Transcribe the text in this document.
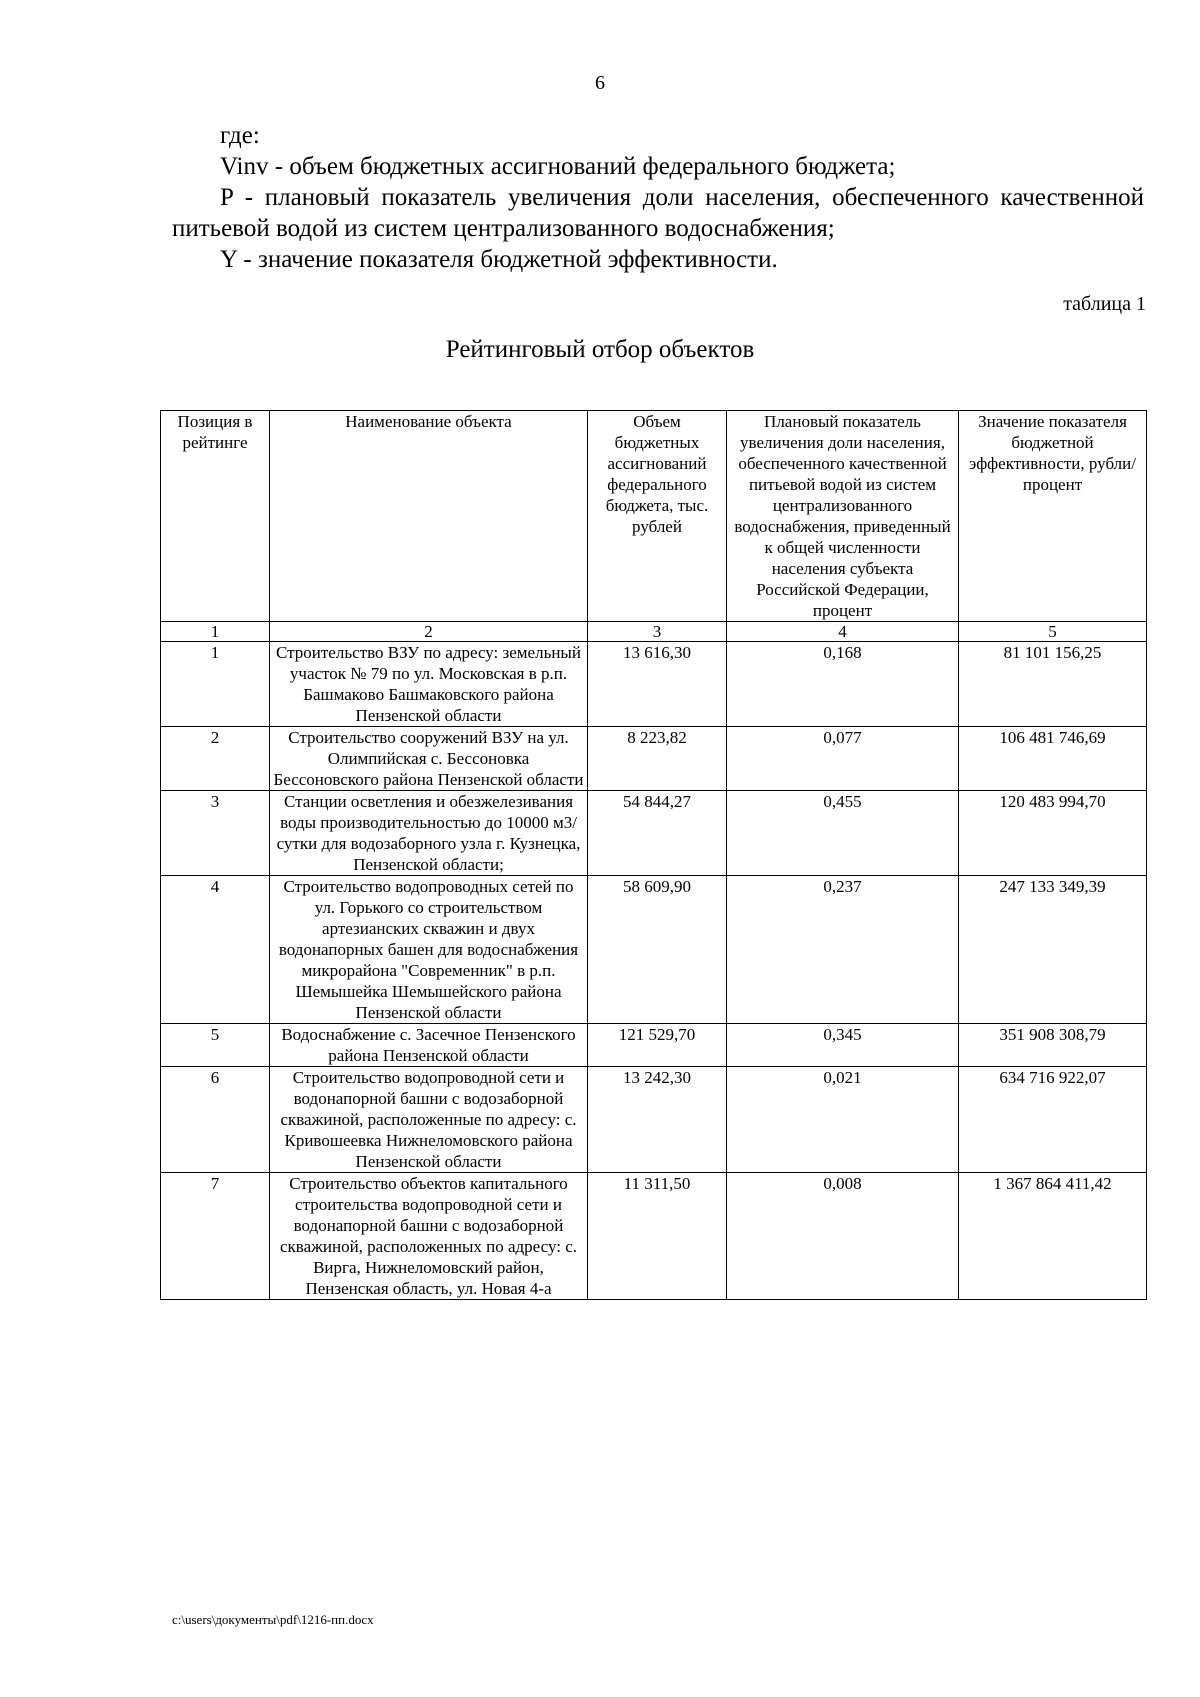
6

где:

Vinv - объем бюджетных ассигнований федерального бюджета;

P - плановый показатель увеличения доли населения, обеспеченного качественной питьевой водой из систем централизованного водоснабжения;

Y - значение показателя бюджетной эффективности.

таблица 1
Рейтинговый отбор объектов
Позиция в рейтинге	Наименование объекта	Объем бюджетных ассигнований федерального бюджета, тыс. рублей	Плановый показатель увеличения доли населения, обеспеченного качественной питьевой водой из систем централизованного водоснабжения, приведенный к общей численности населения субъекта Российской Федерации, процент	Значение показателя бюджетной эффективности, рубли/процент
1	2	3	4	5
1	Строительство ВЗУ по адресу: земельный участок № 79 по ул. Московская в р.п. Башмаково Башмаковского района Пензенской области	13 616,30	0,168	81 101 156,25
2	Строительство сооружений ВЗУ на ул. Олимпийская с. Бессоновка Бессоновского района Пензенской области	8 223,82	0,077	106 481 746,69
3	Станции осветления и обезжелезивания воды производительностью до 10000 м3/сутки для водозаборного узла г. Кузнецка, Пензенской области;	54 844,27	0,455	120 483 994,70
4	Строительство водопроводных сетей по ул. Горького со строительством артезианских скважин и двух водонапорных башен для водоснабжения микрорайона "Современник" в р.п. Шемышейка Шемышейского района Пензенской области	58 609,90	0,237	247 133 349,39
5	Водоснабжение с. Засечное Пензенского района Пензенской области	121 529,70	0,345	351 908 308,79
6	Строительство водопроводной сети и водонапорной башни с водозаборной скважиной, расположенные по адресу: с. Кривошеевка Нижнеломовского района Пензенской области	13 242,30	0,021	634 716 922,07
7	Строительство объектов капитального строительства водопроводной сети и водонапорной башни с водозаборной скважиной, расположенных по адресу: с. Вирга, Нижнеломовский район, Пензенская область, ул. Новая 4-а	11 311,50	0,008	1 367 864 411,42
c:\users\документы\pdf\1216-пп.docx
